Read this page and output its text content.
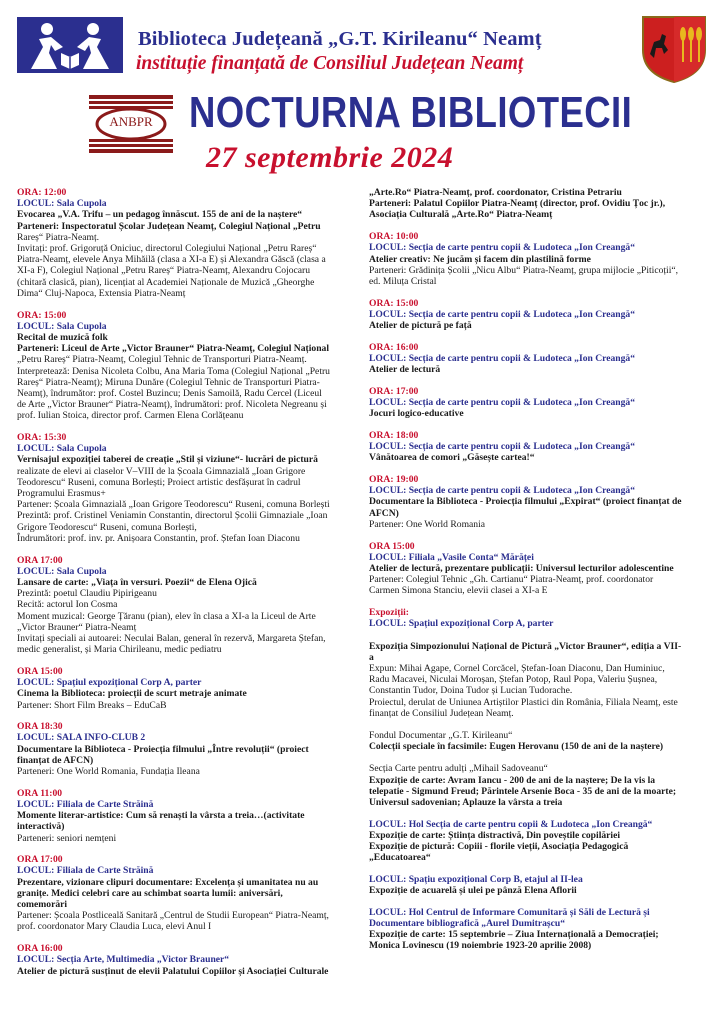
Biblioteca Județeană „G.T. Kirileanu“ Neamț
instituție finanțată de Consiliul Județean Neamț
ANBPR NOCTURNA BIBLIOTECII
27 septembrie 2024

ORA: 12:00

LOCUL: Sala Cupola

Evocarea „V.A. Trifu – un pedagog înnăscut. 155 de ani de la naștere“

Parteneri: Inspectoratul Școlar Județean Neamț, Colegiul Național „Petru

Rareș“ Piatra-Neamț.

Invitați: prof. Grigoruță Oniciuc, directorul Colegiului Național „Petru Rareș“

Piatra-Neamț, elevele Anya Mihăilă (clasa a XI-a E) și Alexandra Găscă (clasa a

XI-a F), Colegiul Național „Petru Rareș“ Piatra-Neamț, Alexandru Cojocaru

(chitară clasică, pian), licențiat al Academiei Naționale de Muzică „Gheorghe

Dima“ Cluj-Napoca, Extensia Piatra-Neamț

ORA: 15:00

LOCUL: Sala Cupola

Recital de muzică folk

Parteneri: Liceul de Arte „Victor Brauner“ Piatra-Neamț, Colegiul Național

„Petru Rareș“ Piatra-Neamț, Colegiul Tehnic de Transporturi Piatra-Neamț.

Interpretează: Denisa Nicoleta Colbu, Ana Maria Toma (Colegiul Național „Petru

Rareș“ Piatra-Neamț); Miruna Dunăre (Colegiul Tehnic de Transporturi Piatra-

Neamț), îndrumător: prof. Costel Buzincu; Denis Samoilă, Radu Cercel (Liceul

de Arte „Victor Brauner“ Piatra-Neamț), îndrumători: prof. Nicoleta Negreanu și

prof. Iulian Stoica, director prof. Carmen Elena Corlățeanu

ORA: 15:30

LOCUL: Sala Cupola

Vernisajul expoziției taberei de creație „Stil și viziune“- lucrări de pictură

realizate de elevi ai claselor V–VIII de la Școala Gimnazială „Ioan Grigore

Teodorescu“ Ruseni, comuna Borlești; Proiect artistic desfășurat în cadrul

Programului Erasmus+

Partener: Școala Gimnazială „Ioan Grigore Teodorescu“ Ruseni, comuna Borlești

Prezintă: prof. Cristinel Veniamin Constantin, directorul Școlii Gimnaziale „Ioan

Grigore Teodorescu“ Ruseni, comuna Borlești,

Îndrumători: prof. inv. pr. Anișoara Constantin, prof. Ștefan Ioan Diaconu

ORA 17:00

LOCUL: Sala Cupola

Lansare de carte: „Viața în versuri. Poezii“ de Elena Ojică

Prezintă: poetul Claudiu Pipirigeanu

Recită: actorul Ion Cosma

Moment muzical: George Țăranu (pian), elev în clasa a XI-a la Liceul de Arte

„Victor Brauner“ Piatra-Neamț

Invitați speciali ai autoarei: Neculai Balan, general în rezervă, Margareta Ștefan,

medic generalist, și Maria Chirileanu, medic pediatru

ORA 15:00

LOCUL: Spațiul expozițional Corp A, parter

Cinema la Biblioteca: proiecții de scurt metraje animate

Partener: Short Film Breaks – EduCaB

ORA 18:30

LOCUL: SALA INFO-CLUB 2

Documentare la Biblioteca - Proiecția filmului „Între revoluții“ (proiect

finanțat de AFCN)

Parteneri: One World Romania, Fundația Ileana

ORA 11:00

LOCUL: Filiala de Carte Străină

Momente literar-artistice: Cum să renaști la vârsta a treia…(activitate

interactivă)

Parteneri: seniori nemțeni

ORA 17:00

LOCUL: Filiala de Carte Străină

Prezentare, vizionare clipuri documentare: Excelența și umanitatea nu au

granițe. Medici celebri care au schimbat soarta lumii: aniversări,

comemorări

Partener: Școala Postliceală Sanitară „Centrul de Studii European“ Piatra-Neamț,

prof. coordonator Mary Claudia Luca, elevi Anul I

ORA 16:00

LOCUL: Secția Arte, Multimedia „Victor Brauner“

Atelier de pictură susținut de elevii Palatului Copiilor și Asociației Culturale

„Arte.Ro“ Piatra-Neamț, prof. coordonator, Cristina Petrariu

Parteneri: Palatul Copiilor Piatra-Neamț (director, prof. Ovidiu Țoc jr.),

Asociația Culturală „Arte.Ro“ Piatra-Neamț

ORA: 10:00

LOCUL: Secția de carte pentru copii & Ludoteca „Ion Creangă“

Atelier creativ: Ne jucăm și facem din plastilină forme

Parteneri: Grădinița Școlii „Nicu Albu“ Piatra-Neamț, grupa mijlocie „Piticoții“,

ed. Miluța Cristal

ORA: 15:00

LOCUL: Secția de carte pentru copii & Ludoteca „Ion Creangă“

Atelier de pictură pe față

ORA: 16:00

LOCUL: Secția de carte pentru copii & Ludoteca „Ion Creangă“

Atelier de lectură

ORA: 17:00

LOCUL: Secția de carte pentru copii & Ludoteca „Ion Creangă“

Jocuri logico-educative

ORA: 18:00

LOCUL: Secția de carte pentru copii & Ludoteca „Ion Creangă“

Vânătoarea de comori „Găsește cartea!“

ORA: 19:00

LOCUL: Secția de carte pentru copii & Ludoteca „Ion Creangă“

Documentare la Biblioteca - Proiecția filmului „Expirat“ (proiect finanțat de

AFCN)

Partener: One World Romania

ORA 15:00

LOCUL: Filiala „Vasile Conta“ Mărăței

Atelier de lectură, prezentare publicații: Universul lecturilor adolescentine

Partener: Colegiul Tehnic „Gh. Cartianu“ Piatra-Neamț, prof. coordonator

Carmen Simona Stanciu, elevii clasei a XI-a E

Expoziții:

LOCUL: Spațiul expozițional Corp A, parter

Expoziția Simpozionului Național de Pictură „Victor Brauner“, ediția a VII-

a

Expun: Mihai Agape, Cornel Corcăcel, Ștefan-Ioan Diaconu, Dan Huminiuc,

Radu Macavei, Niculai Moroșan, Ștefan Potop, Raul Popa, Valeriu Șușnea,

Constantin Tudor, Doina Tudor și Lucian Tudorache.

Proiectul, derulat de Uniunea Artiștilor Plastici din România, Filiala Neamț, este

finanțat de Consiliul Județean Neamț.

Fondul Documentar „G.T. Kirileanu“

Colecții speciale în facsimile: Eugen Herovanu (150 de ani de la naștere)

Secția Carte pentru adulți „Mihail Sadoveanu“

Expoziție de carte: Avram Iancu - 200 de ani de la naștere; De la vis la

telepatie - Sigmund Freud; Părintele Arsenie Boca - 35 de ani de la moarte;

Universul sadovenian; Aplauze la vârsta a treia

LOCUL: Hol Secția de carte pentru copii & Ludoteca „Ion Creangă“

Expoziție de carte: Știința distractivă, Din poveștile copilăriei

Expoziție de pictură: Copiii - florile vieții, Asociația Pedagogică

„Educatoarea“

LOCUL: Spațiu expozițional Corp B, etajul al II-lea

Expoziție de acuarelă și ulei pe pânză Elena Aflorii

LOCUL: Hol Centrul de Informare Comunitară și Săli de Lectură și

Documentare bibliografică „Aurel Dumitrașcu“

Expoziție de carte: 15 septembrie – Ziua Internațională a Democrației;

Monica Lovinescu (19 noiembrie 1923-20 aprilie 2008)
